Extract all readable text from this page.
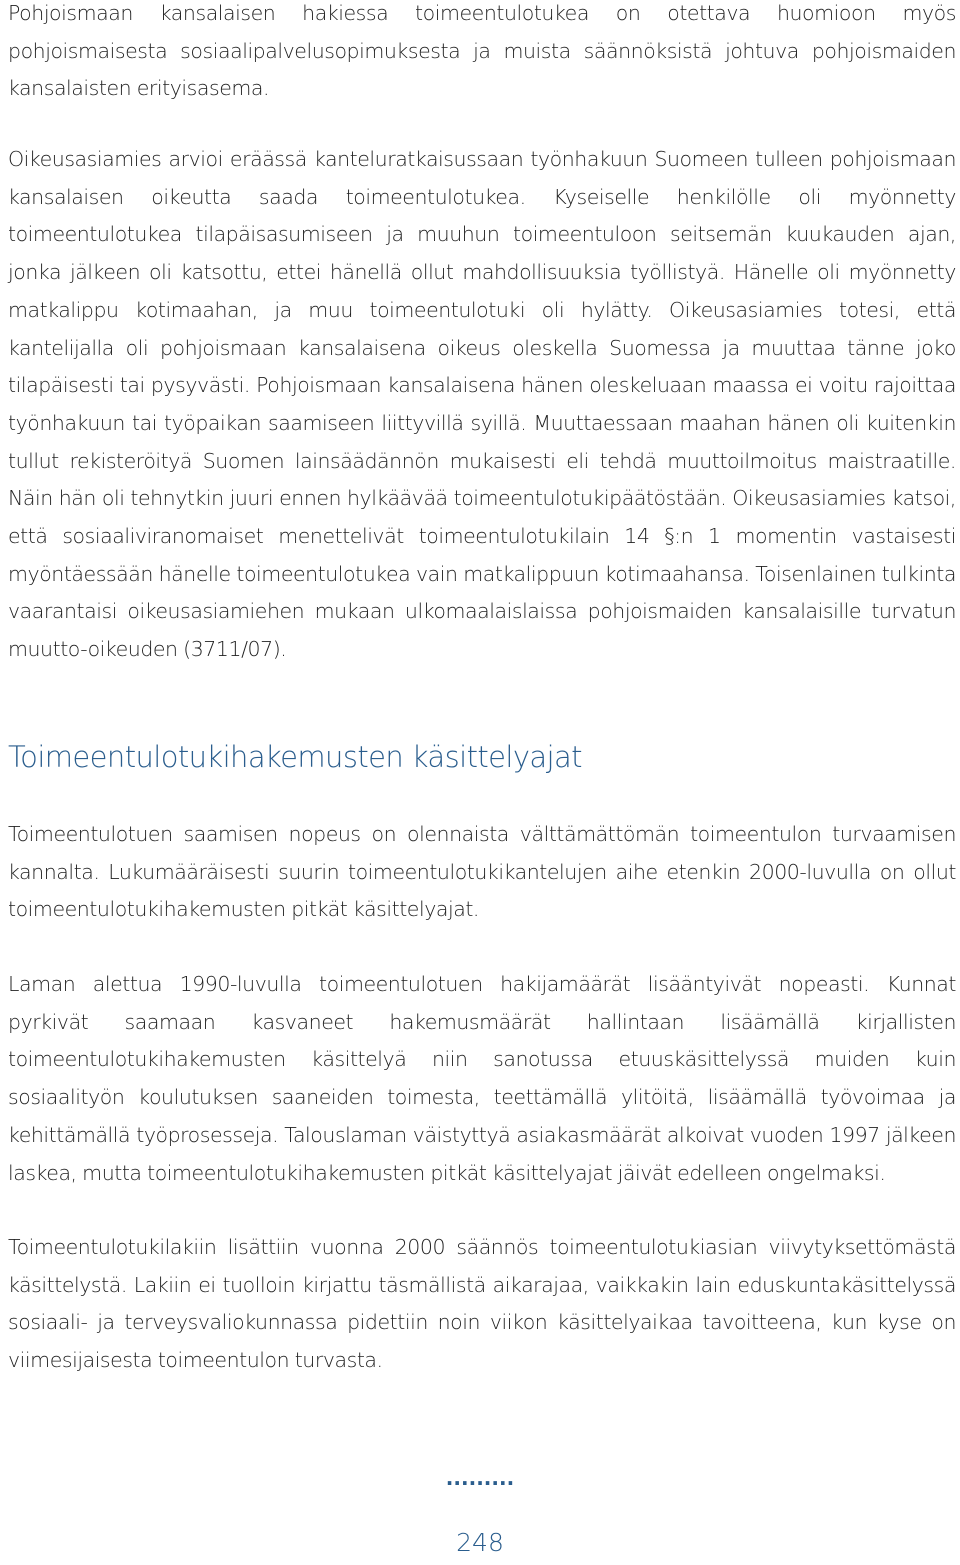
Pohjoismaan kansalaisen hakiessa toimeentulotukea on otettava huomioon myös pohjoismaisesta sosiaalipalvelusopimuksesta ja muista säännöksistä johtuva pohjoismaiden kansalaisten erityisasema.

Oikeusasiamies arvioi eräässä kanteluratkaisussaan työnhakuun Suomeen tulleen pohjoismaan kansalaisen oikeutta saada toimeentulotukea. Kyseiselle henkilölle oli myönnetty toimeentulotukea tilapäisasumiseen ja muuhun toimeentuloon seitsemän kuukauden ajan, jonka jälkeen oli katsottu, ettei hänellä ollut mahdollisuuksia työllistyä. Hänelle oli myönnetty matkalippu kotimaahan, ja muu toimeentulotuki oli hylätty. Oikeusasiamies totesi, että kantelijalla oli pohjoismaan kansalaisena oikeus oleskella Suomessa ja muuttaa tänne joko tilapäisesti tai pysyvästi. Pohjoismaan kansalaisena hänen oleskeluaan maassa ei voitu rajoittaa työnhakuun tai työpaikan saamiseen liittyvillä syillä. Muuttaessaan maahan hänen oli kuitenkin tullut rekisteröityä Suomen lainsäädännön mukaisesti eli tehdä muuttoilmoitus maistraatille. Näin hän oli tehnytkin juuri ennen hylkäävää toimeentulotukipäätöstään. Oikeusasiamies katsoi, että sosiaaliviranomaiset menettelivät toimeentulotukilain 14 §:n 1 momentin vastaisesti myöntäessään hänelle toimeentulotukea vain matkalippuun kotimaahansa. Toisenlainen tulkinta vaarantaisi oikeusasiamiehen mukaan ulkomaalaislaissa pohjoismaiden kansalaisille turvatun muutto-oikeuden (3711/07).

Toimeentulotukihakemusten käsittelyajat

Toimeentulotuen saamisen nopeus on olennaista välttämättömän toimeentulon turvaamisen kannalta. Lukumääräisesti suurin toimeentulotukikantelujen aihe etenkin 2000-luvulla on ollut toimeentulotukihakemusten pitkät käsittelyajat.

Laman alettua 1990-luvulla toimeentulotuen hakijamäärät lisääntyivät nopeasti. Kunnat pyrkivät saamaan kasvaneet hakemusmäärät hallintaan lisäämällä kirjallisten toimeentulotukihakemusten käsittelyä niin sanotussa etuuskäsittelyssä muiden kuin sosiaalityön koulutuksen saaneiden toimesta, teettämällä ylitöitä, lisäämällä työvoimaa ja kehittämällä työprosesseja. Talouslaman väistyttyä asiakasmäärät alkoivat vuoden 1997 jälkeen laskea, mutta toimeentulotukihakemusten pitkät käsittelyajat jäivät edelleen ongelmaksi.

Toimeentulotukilakiin lisättiin vuonna 2000 säännös toimeentulotukiasian viivytyksettömästä käsittelystä. Lakiin ei tuolloin kirjattu täsmällistä aikarajaa, vaikkakin lain eduskuntakäsittelyssä sosiaali- ja terveysvaliokunnassa pidettiin noin viikon käsittelyaikaa tavoitteena, kun kyse on viimesijaisesta toimeentulon turvasta.

.........
248
